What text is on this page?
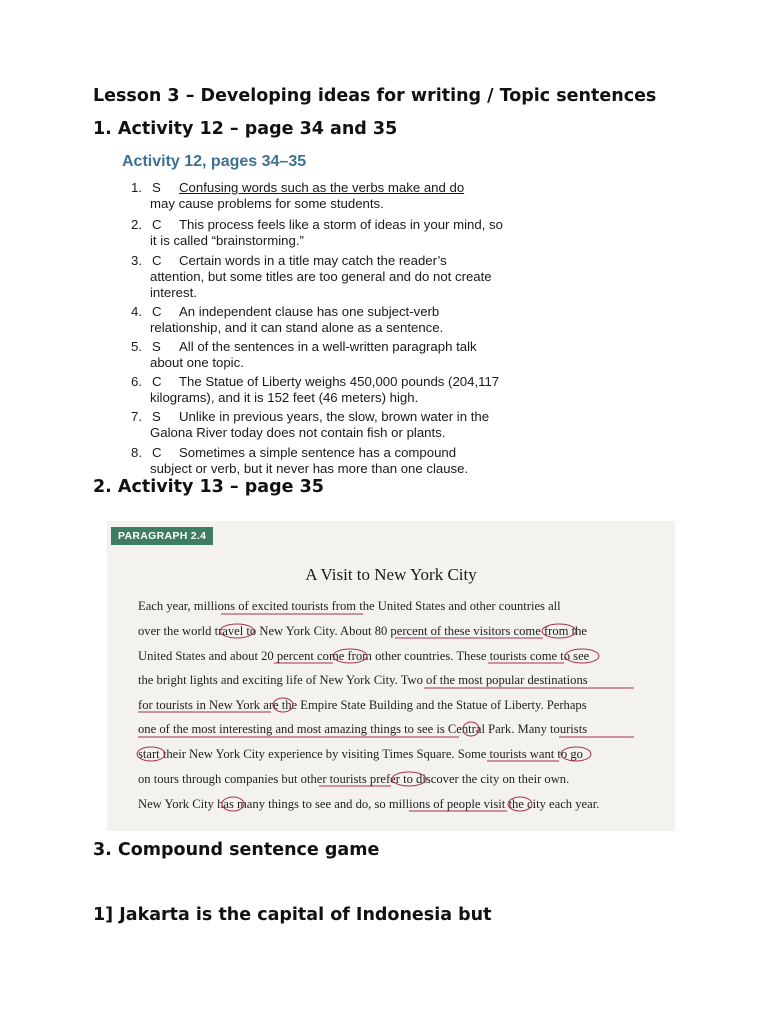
Lesson 3 – Developing ideas for writing / Topic sentences
1. Activity 12 – page 34 and 35
Activity 12, pages 34–35
1. S Confusing words such as the verbs make and do
may cause problems for some students.
2. C This process feels like a storm of ideas in your mind, so
it is called “brainstorming.”
3. C Certain words in a title may catch the reader’s
attention, but some titles are too general and do not create
interest.
4. C An independent clause has one subject-verb
relationship, and it can stand alone as a sentence.
5. S All of the sentences in a well-written paragraph talk
about one topic.
6. C The Statue of Liberty weighs 450,000 pounds (204,117
kilograms), and it is 152 feet (46 meters) high.
7. S Unlike in previous years, the slow, brown water in the
Galona River today does not contain fish or plants.
8. C Sometimes a simple sentence has a compound
subject or verb, but it never has more than one clause.
2. Activity 13 – page 35
PARAGRAPH 2.4
A Visit to New York City
Each year, millions of excited tourists from the United States and other countries all
over the world travel to New York City. About 80 percent of these visitors come from the
United States and about 20 percent come from other countries. These tourists come to see
the bright lights and exciting life of New York City. Two of the most popular destinations
for tourists in New York are the Empire State Building and the Statue of Liberty. Perhaps
one of the most interesting and most amazing things to see is Central Park. Many tourists
start their New York City experience by visiting Times Square. Some tourists want to go
on tours through companies but other tourists prefer to discover the city on their own.
New York City has many things to see and do, so millions of people visit the city each year.
3. Compound sentence game
1] Jakarta is the capital of Indonesia but
